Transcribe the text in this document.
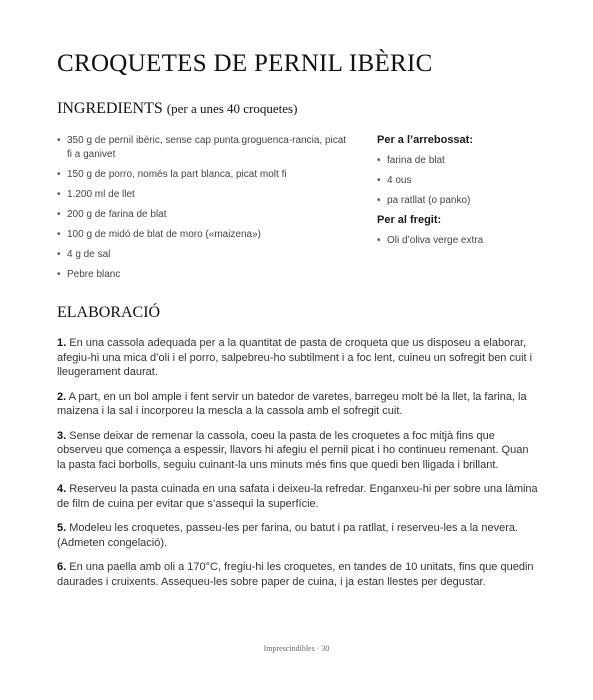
CROQUETES DE PERNIL IBÈRIC
INGREDIENTS (per a unes 40 croquetes)
• 350 g de pernil ibèric, sense cap punta groguenca-rancia, picat fi a ganivet
• 150 g de porro, només la part blanca, picat molt fi
• 1.200 ml de llet
• 200 g de farina de blat
• 100 g de midó de blat de moro («maizena»)
• 4 g de sal
• Pebre blanc
Per a l’arrebossat:
• farina de blat
• 4 ous
• pa ratllat (o panko)
Per al fregit:
• Oli d’oliva verge extra
ELABORACIÓ

1. En una cassola adequada per a la quantitat de pasta de croqueta que us disposeu a elaborar, afegiu-hi una mica d’oli i el porro, salpebreu-ho subtilment i a foc lent, cuineu un sofregit ben cuit i lleugerament daurat.

2. A part, en un bol ample i fent servir un batedor de varetes, barregeu molt bé la llet, la farina, la maizena i la sal i incorporeu la mescla a la cassola amb el sofregit cuit.

3. Sense deixar de remenar la cassola, coeu la pasta de les croquetes a foc mitjà fins que observeu que comença a espessir, llavors hi afegiu el pernil picat i ho continueu remenant. Quan la pasta faci borbolls, seguiu cuinant-la uns minuts més fins que quedi ben lligada i brillant.

4. Reserveu la pasta cuinada en una safata i deixeu-la refredar. Enganxeu-hi per sobre una làmina de film de cuina per evitar que s’assequi la superfície.

5. Modeleu les croquetes, passeu-les per farina, ou batut i pa ratllat, i reserveu-les a la nevera. (Admeten congelació).

6. En una paella amb oli a 170°C, fregiu-hi les croquetes, en tandes de 10 unitats, fins que quedin daurades i cruixents. Assequeu-les sobre paper de cuina, i ja estan llestes per degustar.

Imprescindibles · 30
